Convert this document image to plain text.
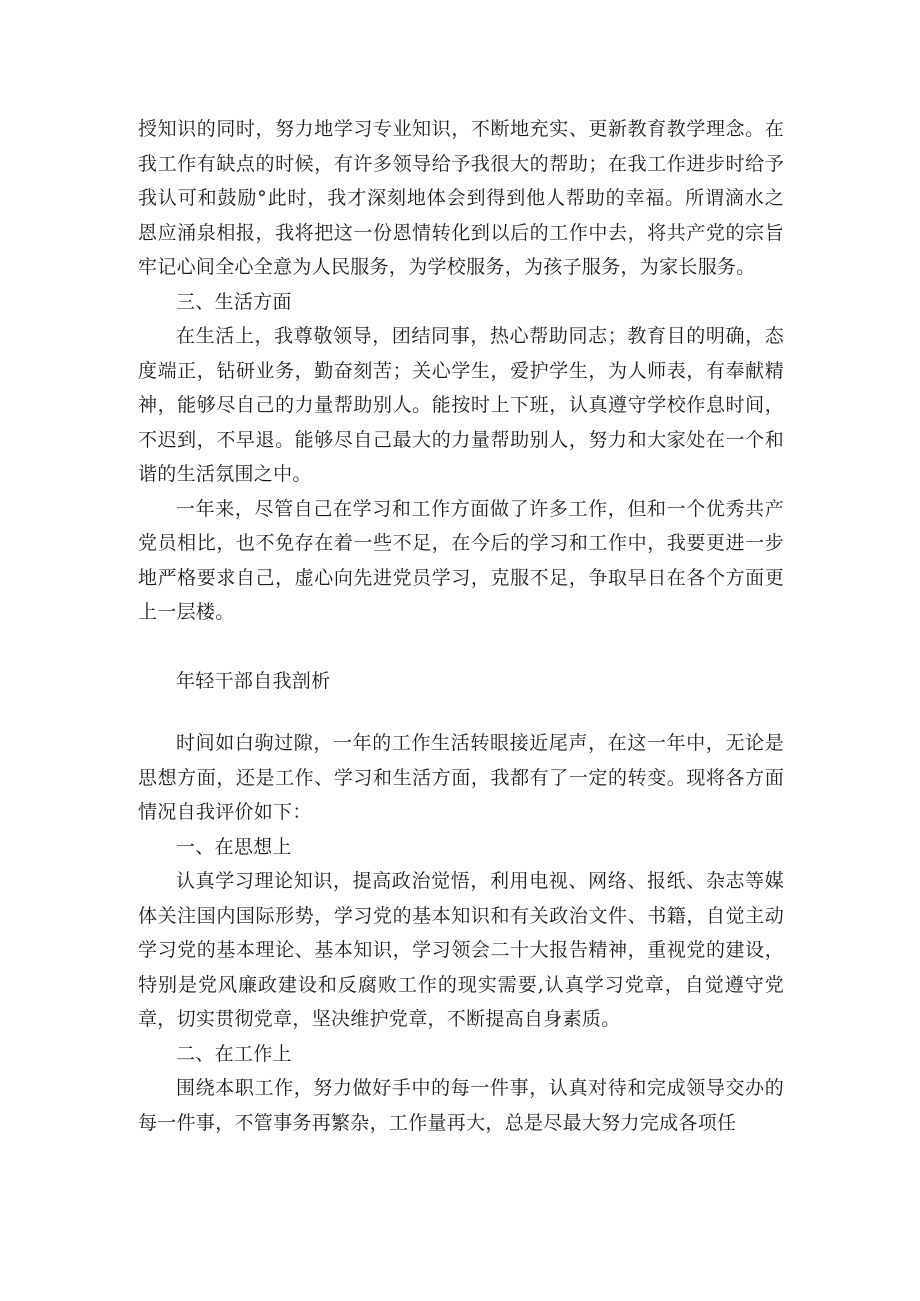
授知识的同时，努力地学习专业知识，不断地充实、更新教育教学理念。在我工作有缺点的时候，有许多领导给予我很大的帮助；在我工作进步时给予我认可和鼓励°此时，我才深刻地体会到得到他人帮助的幸福。所谓滴水之恩应涌泉相报，我将把这一份恩情转化到以后的工作中去，将共产党的宗旨牢记心间全心全意为人民服务，为学校服务，为孩子服务，为家长服务。

三、生活方面

在生活上，我尊敬领导，团结同事，热心帮助同志；教育目的明确，态度端正，钻研业务，勤奋刻苦；关心学生，爱护学生，为人师表，有奉献精神，能够尽自己的力量帮助别人。能按时上下班，认真遵守学校作息时间，不迟到，不早退。能够尽自己最大的力量帮助别人，努力和大家处在一个和谐的生活氛围之中。

一年来，尽管自己在学习和工作方面做了许多工作，但和一个优秀共产党员相比，也不免存在着一些不足，在今后的学习和工作中，我要更进一步地严格要求自己，虚心向先进党员学习，克服不足，争取早日在各个方面更上一层楼。

年轻干部自我剖析

时间如白驹过隙，一年的工作生活转眼接近尾声，在这一年中，无论是思想方面，还是工作、学习和生活方面，我都有了一定的转变。现将各方面情况自我评价如下：

一、在思想上

认真学习理论知识，提高政治觉悟，利用电视、网络、报纸、杂志等媒体关注国内国际形势，学习党的基本知识和有关政治文件、书籍，自觉主动学习党的基本理论、基本知识，学习领会二十大报告精神，重视党的建设，特别是党风廉政建设和反腐败工作的现实需要,认真学习党章，自觉遵守党章，切实贯彻党章，坚决维护党章，不断提高自身素质。

二、在工作上

围绕本职工作，努力做好手中的每一件事，认真对待和完成领导交办的每一件事，不管事务再繁杂，工作量再大，总是尽最大努力完成各项任
